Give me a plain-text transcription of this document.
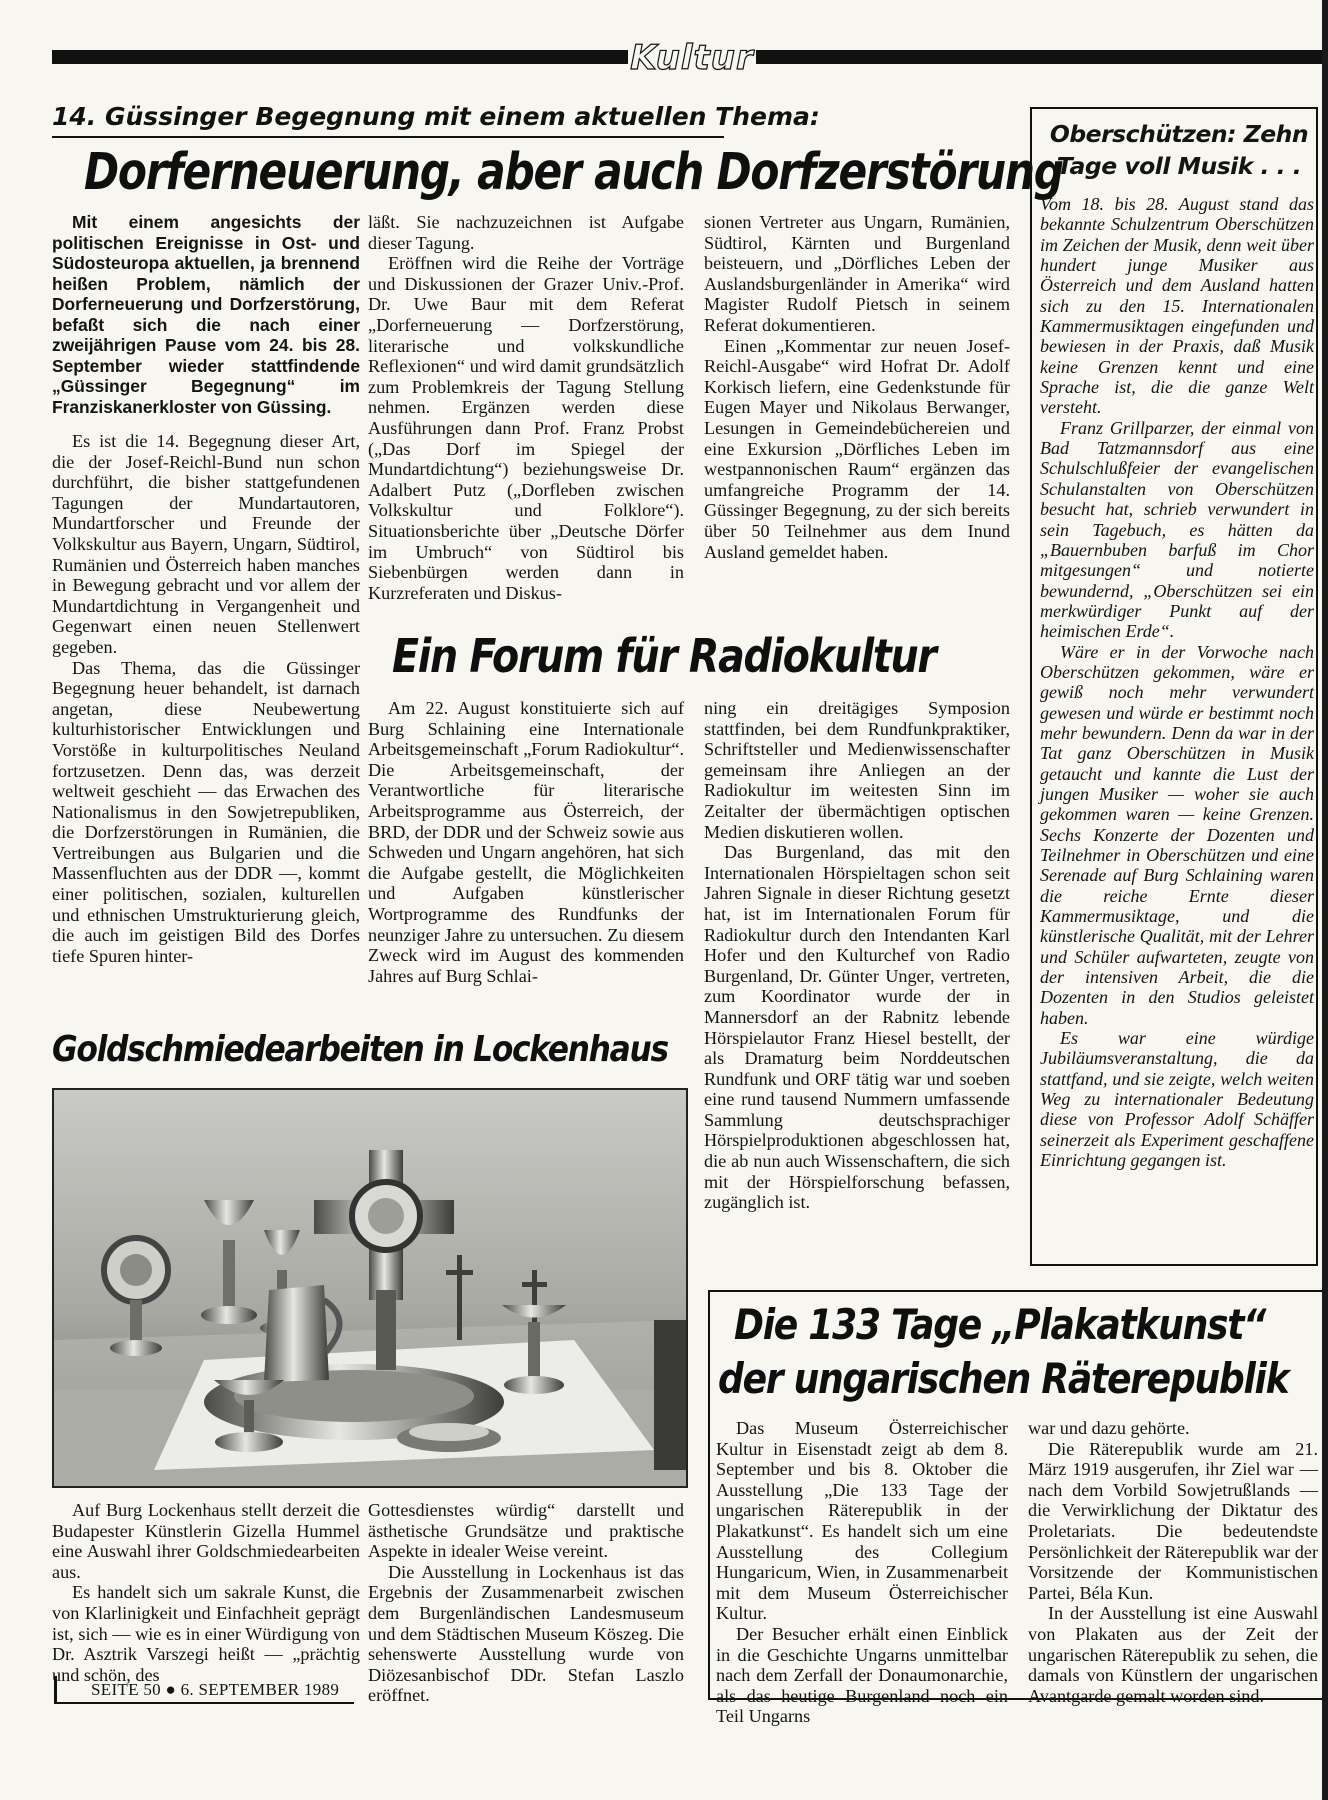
Kultur
14. Güssinger Begegnung mit einem aktuellen Thema:
Dorferneuerung, aber auch Dorfzerstörung

Mit einem angesichts der politischen Ereignisse in Ost- und Südosteuropa aktuellen, ja brennend heißen Problem, nämlich der Dorferneuerung und Dorfzerstörung, befaßt sich die nach einer zweijährigen Pause vom 24. bis 28. September wieder stattfindende „Güssinger Begegnung“ im Franziskanerkloster von Güssing.

Es ist die 14. Begegnung dieser Art, die der Josef-Reichl-Bund nun schon durchführt, die bisher stattgefundenen Tagungen der Mundartautoren, Mundartforscher und Freunde der Volkskultur aus Bayern, Ungarn, Südtirol, Rumänien und Österreich haben manches in Bewegung gebracht und vor allem der Mundartdichtung in Vergangenheit und Gegenwart einen neuen Stellenwert gegeben.

Das Thema, das die Güssinger Begegnung heuer behandelt, ist darnach angetan, diese Neubewertung kulturhistorischer Entwicklungen und Vorstöße in kulturpolitisches Neuland fortzusetzen. Denn das, was derzeit weltweit geschieht — das Erwachen des Nationalismus in den Sowjetrepubliken, die Dorfzerstörungen in Rumänien, die Vertreibungen aus Bulgarien und die Massenfluchten aus der DDR —, kommt einer politischen, sozialen, kulturellen und ethnischen Umstrukturierung gleich, die auch im geistigen Bild des Dorfes tiefe Spuren hinter-

läßt. Sie nachzuzeichnen ist Aufgabe dieser Tagung.

Eröffnen wird die Reihe der Vorträge und Diskussionen der Grazer Univ.-Prof. Dr. Uwe Baur mit dem Referat „Dorferneuerung — Dorfzerstörung, literarische und volkskundliche Reflexionen“ und wird damit grundsätzlich zum Problemkreis der Tagung Stellung nehmen. Ergänzen werden diese Ausführungen dann Prof. Franz Probst („Das Dorf im Spiegel der Mundartdichtung“) beziehungsweise Dr. Adalbert Putz („Dorfleben zwischen Volkskultur und Folklore“). Situationsberichte über „Deutsche Dörfer im Umbruch“ von Südtirol bis Siebenbürgen werden dann in Kurzreferaten und Diskus-

sionen Vertreter aus Ungarn, Rumänien, Südtirol, Kärnten und Burgenland beisteuern, und „Dörfliches Leben der Auslandsburgenländer in Amerika“ wird Magister Rudolf Pietsch in seinem Referat dokumentieren.

Einen „Kommentar zur neuen Josef-Reichl-Ausgabe“ wird Hofrat Dr. Adolf Korkisch liefern, eine Gedenkstunde für Eugen Mayer und Nikolaus Berwanger, Lesungen in Gemeindebüchereien und eine Exkursion „Dörfliches Leben im westpannonischen Raum“ ergänzen das umfangreiche Programm der 14. Güssinger Begegnung, zu der sich bereits über 50 Teilnehmer aus dem Inund Ausland gemeldet haben.

Ein Forum für Radiokultur

Am 22. August konstituierte sich auf Burg Schlaining eine Internationale Arbeitsgemeinschaft „Forum Radiokultur“. Die Arbeitsgemeinschaft, der Verantwortliche für literarische Arbeitsprogramme aus Österreich, der BRD, der DDR und der Schweiz sowie aus Schweden und Ungarn angehören, hat sich die Aufgabe gestellt, die Möglichkeiten und Aufgaben künstlerischer Wortprogramme des Rundfunks der neunziger Jahre zu untersuchen. Zu diesem Zweck wird im August des kommenden Jahres auf Burg Schlai-

ning ein dreitägiges Symposion stattfinden, bei dem Rundfunkpraktiker, Schriftsteller und Medienwissenschafter gemeinsam ihre Anliegen an der Radiokultur im weitesten Sinn im Zeitalter der übermächtigen optischen Medien diskutieren wollen.

Das Burgenland, das mit den Internationalen Hörspieltagen schon seit Jahren Signale in dieser Richtung gesetzt hat, ist im Internationalen Forum für Radiokultur durch den Intendanten Karl Hofer und den Kulturchef von Radio Burgenland, Dr. Günter Unger, vertreten, zum Koordinator wurde der in Mannersdorf an der Rabnitz lebende Hörspielautor Franz Hiesel bestellt, der als Dramaturg beim Norddeutschen Rundfunk und ORF tätig war und soeben eine rund tausend Nummern umfassende Sammlung deutschsprachiger Hörspielproduktionen abgeschlossen hat, die ab nun auch Wissenschaftern, die sich mit der Hörspielforschung befassen, zugänglich ist.

Goldschmiedearbeiten in Lockenhaus

Auf Burg Lockenhaus stellt derzeit die Budapester Künstlerin Gizella Hummel eine Auswahl ihrer Goldschmiedearbeiten aus.

Es handelt sich um sakrale Kunst, die von Klarlinigkeit und Einfachheit geprägt ist, sich — wie es in einer Würdigung von Dr. Asztrik Varszegi heißt — „prächtig und schön, des

Gottesdienstes würdig“ darstellt und ästhetische Grundsätze und praktische Aspekte in idealer Weise vereint.

Die Ausstellung in Lockenhaus ist das Ergebnis der Zusammenarbeit zwischen dem Burgenländischen Landesmuseum und dem Städtischen Museum Köszeg. Die sehenswerte Ausstellung wurde von Diözesanbischof DDr. Stefan Laszlo eröffnet.

Oberschützen: Zehn Tage voll Musik . . .

Vom 18. bis 28. August stand das bekannte Schulzentrum Oberschützen im Zeichen der Musik, denn weit über hundert junge Musiker aus Österreich und dem Ausland hatten sich zu den 15. Internationalen Kammermusiktagen eingefunden und bewiesen in der Praxis, daß Musik keine Grenzen kennt und eine Sprache ist, die die ganze Welt versteht.

Franz Grillparzer, der einmal von Bad Tatzmannsdorf aus eine Schulschlußfeier der evangelischen Schulanstalten von Oberschützen besucht hat, schrieb verwundert in sein Tagebuch, es hätten da „Bauernbuben barfuß im Chor mitgesungen“ und notierte bewundernd, „Oberschützen sei ein merkwürdiger Punkt auf der heimischen Erde“.

Wäre er in der Vorwoche nach Oberschützen gekommen, wäre er gewiß noch mehr verwundert gewesen und würde er bestimmt noch mehr bewundern. Denn da war in der Tat ganz Oberschützen in Musik getaucht und kannte die Lust der jungen Musiker — woher sie auch gekommen waren — keine Grenzen. Sechs Konzerte der Dozenten und Teilnehmer in Oberschützen und eine Serenade auf Burg Schlaining waren die reiche Ernte dieser Kammermusiktage, und die künstlerische Qualität, mit der Lehrer und Schüler aufwarteten, zeugte von der intensiven Arbeit, die die Dozenten in den Studios geleistet haben.

Es war eine würdige Jubiläumsveranstaltung, die da stattfand, und sie zeigte, welch weiten Weg zu internationaler Bedeutung diese von Professor Adolf Schäffer seinerzeit als Experiment geschaffene Einrichtung gegangen ist.

Die 133 Tage „Plakatkunst“
der ungarischen Räterepublik

Das Museum Österreichischer Kultur in Eisenstadt zeigt ab dem 8. September und bis 8. Oktober die Ausstellung „Die 133 Tage der ungarischen Räterepublik in der Plakatkunst“. Es handelt sich um eine Ausstellung des Collegium Hungaricum, Wien, in Zusammenarbeit mit dem Museum Österreichischer Kultur.

Der Besucher erhält einen Einblick in die Geschichte Ungarns unmittelbar nach dem Zerfall der Donaumonarchie, als das heutige Burgenland noch ein Teil Ungarns

war und dazu gehörte.

Die Räterepublik wurde am 21. März 1919 ausgerufen, ihr Ziel war — nach dem Vorbild Sowjetrußlands — die Verwirklichung der Diktatur des Proletariats. Die bedeutendste Persönlichkeit der Räterepublik war der Vorsitzende der Kommunistischen Partei, Béla Kun.

In der Ausstellung ist eine Auswahl von Plakaten aus der Zeit der ungarischen Räterepublik zu sehen, die damals von Künstlern der ungarischen Avantgarde gemalt worden sind.

SEITE 50 ● 6. SEPTEMBER 1989
